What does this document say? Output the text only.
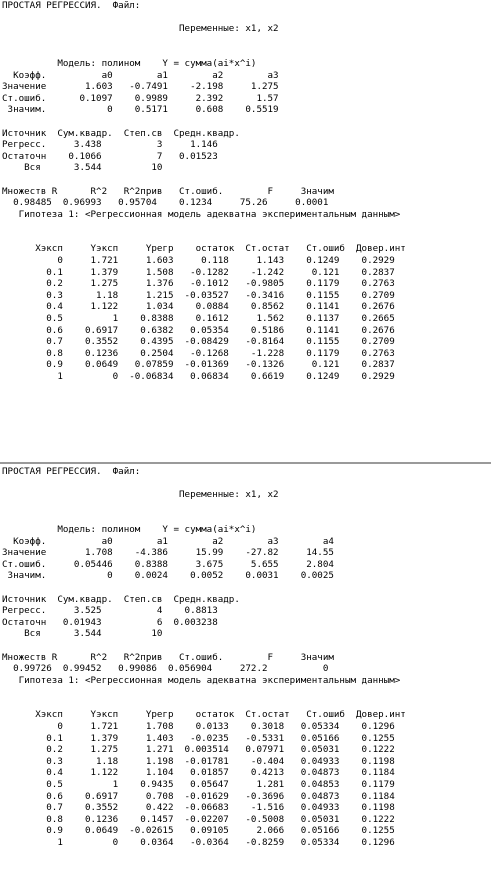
ПРОСТАЯ РЕГРЕССИЯ.  Файл:
Переменные: x1, x2
Модель: полином    Y = сумма(ai*x^i)
Коэфф.          a0        a1        a2        a3
Значение       1.603   -0.7491    -2.198     1.275
Ст.ошиб.      0.1097    0.9989     2.392      1.57
Значим.           0    0.5171     0.608    0.5519
Источник  Сум.квадр.  Степ.св  Средн.квадр.
Регресс.     3.438          3     1.146
Остаточн    0.1066          7   0.01523
Вся      3.544         10
Множеств R      R^2   R^2прив   Ст.ошиб.        F     Значим
0.98485  0.96993   0.95704    0.1234     75.26     0.0001
Гипотеза 1: <Регрессионная модель адекватна экспериментальным данным>
Xэксп     Yэксп     Yрегр    остаток  Ст.остат   Ст.ошиб  Довер.инт
0     1.721     1.603     0.118     1.143    0.1249    0.2929
0.1     1.379     1.508   -0.1282    -1.242     0.121    0.2837
0.2     1.275     1.376   -0.1012   -0.9805    0.1179    0.2763
0.3      1.18     1.215  -0.03527   -0.3416    0.1155    0.2709
0.4     1.122     1.034    0.0884    0.8562    0.1141    0.2676
0.5         1    0.8388    0.1612     1.562    0.1137    0.2665
0.6    0.6917    0.6382   0.05354    0.5186    0.1141    0.2676
0.7    0.3552    0.4395  -0.08429   -0.8164    0.1155    0.2709
0.8    0.1236    0.2504   -0.1268    -1.228    0.1179    0.2763
0.9    0.0649   0.07859  -0.01369   -0.1326     0.121    0.2837
1         0  -0.06834   0.06834    0.6619    0.1249    0.2929
ПРОСТАЯ РЕГРЕССИЯ.  Файл:
Переменные: x1, x2
Модель: полином    Y = сумма(ai*x^i)
Коэфф.          a0        a1        a2        a3        a4
Значение       1.708    -4.386     15.99    -27.82     14.55
Ст.ошиб.     0.05446    0.8388     3.675     5.655     2.804
Значим.           0    0.0024    0.0052    0.0031    0.0025
Источник  Сум.квадр.  Степ.св  Средн.квадр.
Регресс.     3.525          4    0.8813
Остаточн   0.01943          6  0.003238
Вся      3.544         10
Множеств R      R^2   R^2прив   Ст.ошиб.        F     Значим
0.99726  0.99452   0.99086  0.056904     272.2          0
Гипотеза 1: <Регрессионная модель адекватна экспериментальным данным>
Xэксп     Yэксп     Yрегр    остаток  Ст.остат   Ст.ошиб  Довер.инт
0     1.721     1.708    0.0133    0.3018   0.05334    0.1296
0.1     1.379     1.403   -0.0235   -0.5331   0.05166    0.1255
0.2     1.275     1.271  0.003514   0.07971   0.05031    0.1222
0.3      1.18     1.198  -0.01781    -0.404   0.04933    0.1198
0.4     1.122     1.104   0.01857    0.4213   0.04873    0.1184
0.5         1    0.9435   0.05647     1.281   0.04853    0.1179
0.6    0.6917     0.708  -0.01629   -0.3696   0.04873    0.1184
0.7    0.3552     0.422  -0.06683    -1.516   0.04933    0.1198
0.8    0.1236    0.1457  -0.02207   -0.5008   0.05031    0.1222
0.9    0.0649  -0.02615   0.09105     2.066   0.05166    0.1255
1         0    0.0364   -0.0364   -0.8259   0.05334    0.1296
